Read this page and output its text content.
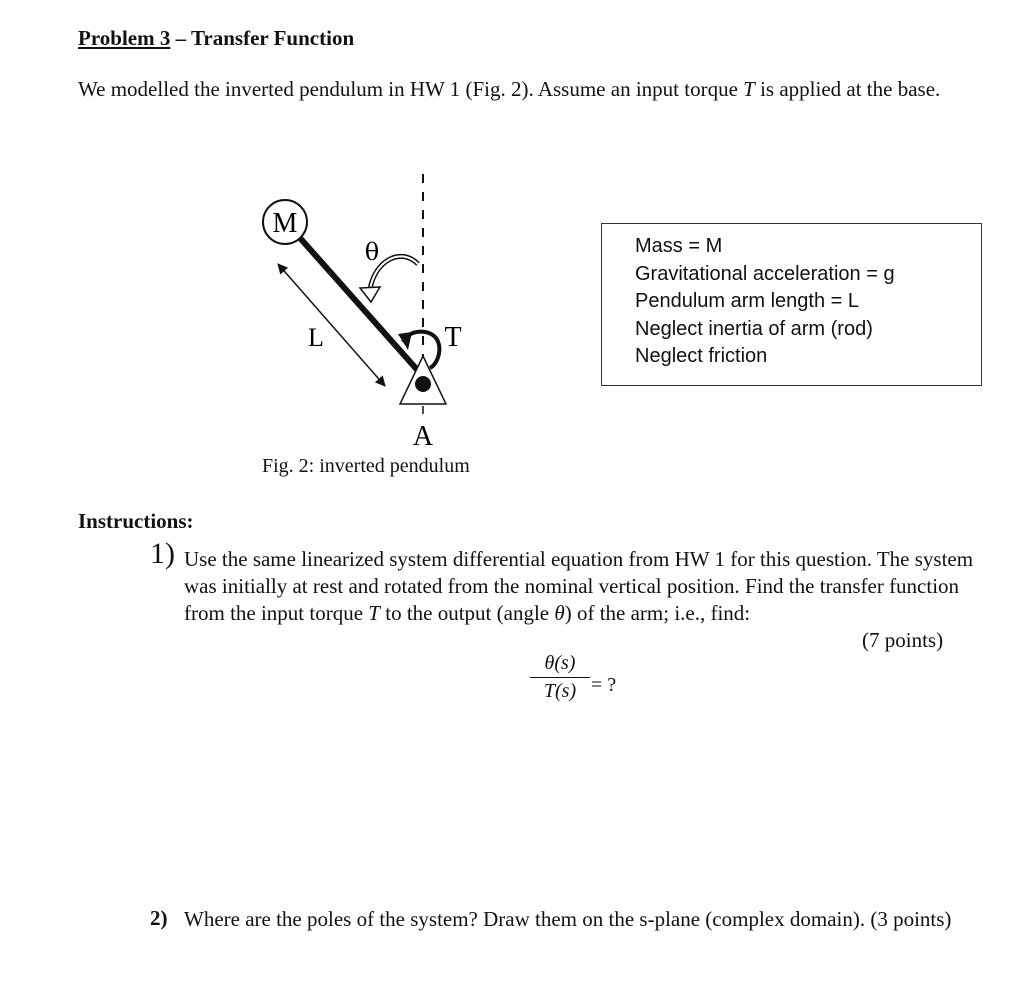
Problem 3 – Transfer Function
We modelled the inverted pendulum in HW 1 (Fig. 2). Assume an input torque T is applied at the base.
M
θ
L	T
A
Mass = M
Gravitational acceleration = g
Pendulum arm length = L
Neglect inertia of arm (rod)
Neglect friction
Fig. 2: inverted pendulum
Instructions:
1) Use the same linearized system differential equation from HW 1 for this question. The system was initially at rest and rotated from the nominal vertical position. Find the transfer function from the input torque T to the output (angle θ) of the arm; i.e., find:
(7 points)
$\frac{\theta(s)}{T(s)}$ = ?
2) Where are the poles of the system? Draw them on the s-plane (complex domain). (3 points)
